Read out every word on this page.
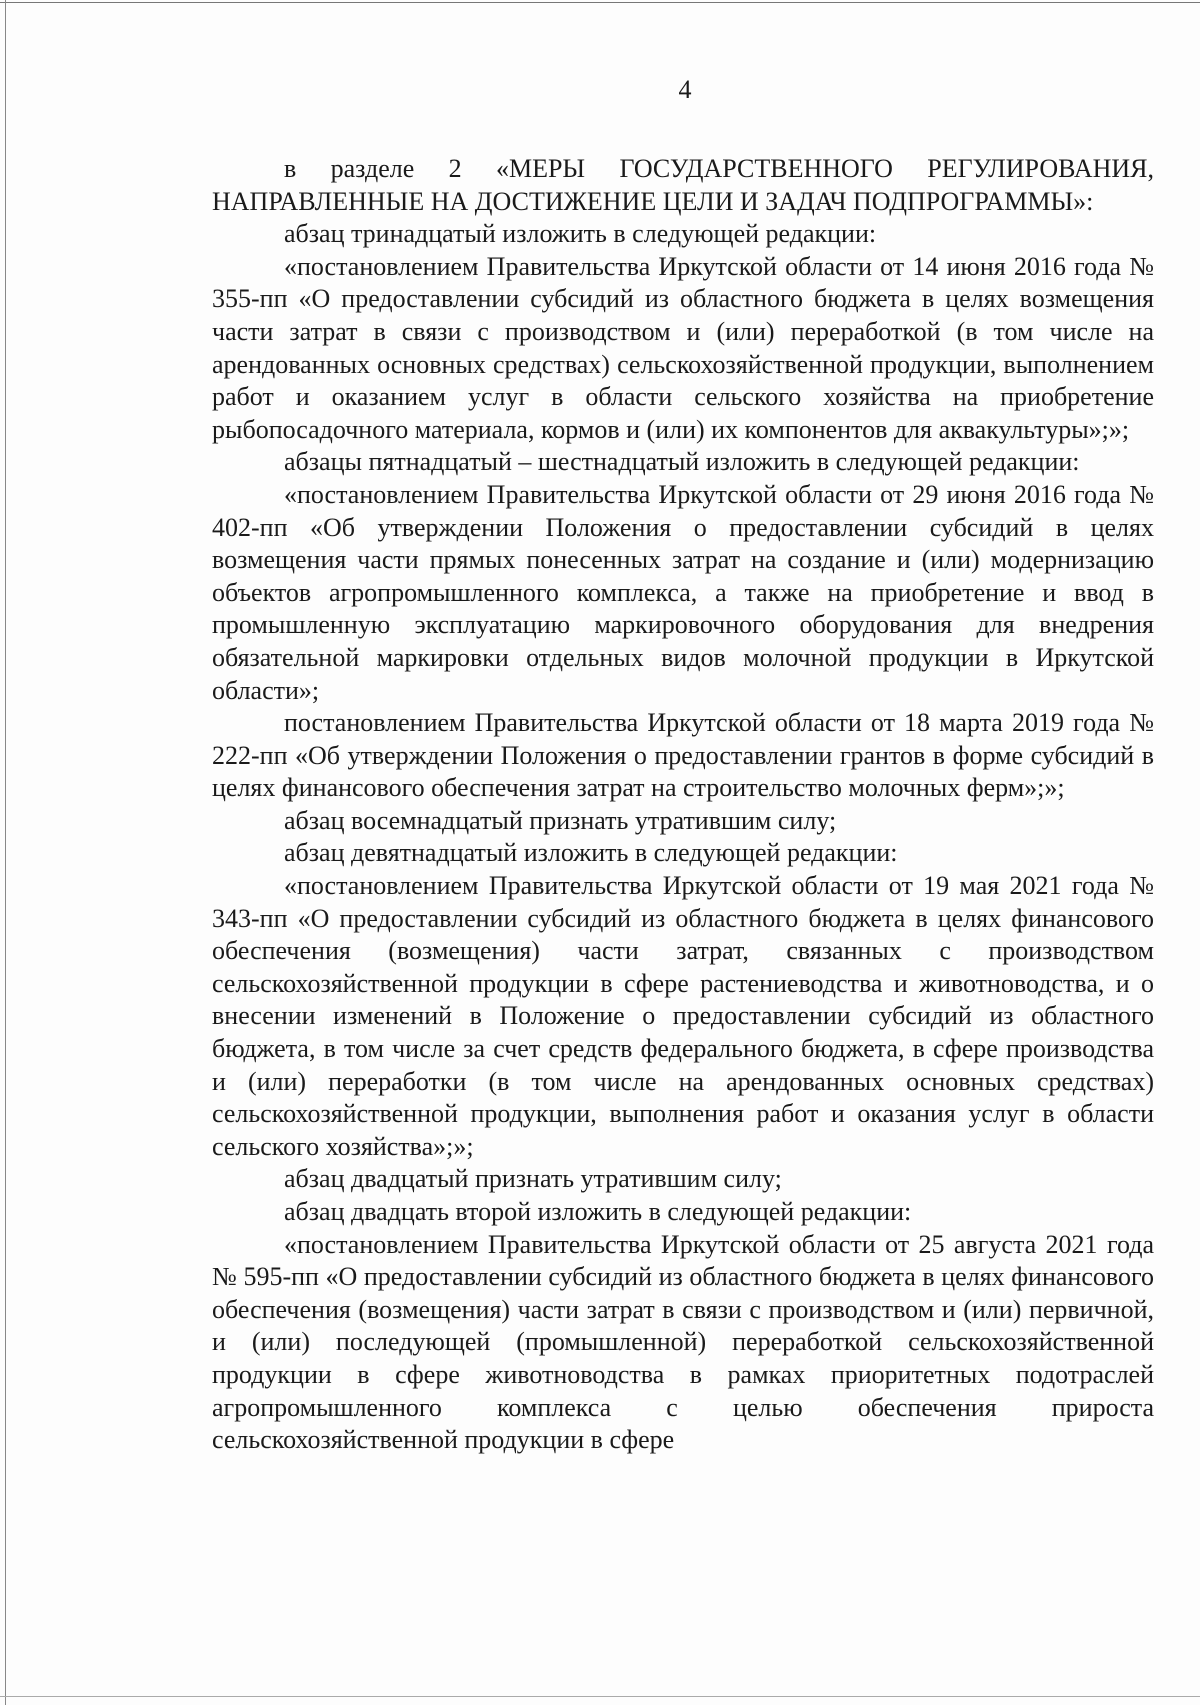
4

в разделе 2 «МЕРЫ ГОСУДАРСТВЕННОГО РЕГУЛИРОВАНИЯ, НАПРАВЛЕННЫЕ НА ДОСТИЖЕНИЕ ЦЕЛИ И ЗАДАЧ ПОДПРОГРАММЫ»:

абзац тринадцатый изложить в следующей редакции:

«постановлением Правительства Иркутской области от 14 июня 2016 года № 355-пп «О предоставлении субсидий из областного бюджета в целях возмещения части затрат в связи с производством и (или) переработкой (в том числе на арендованных основных средствах) сельскохозяйственной продукции, выполнением работ и оказанием услуг в области сельского хозяйства на приобретение рыбопосадочного материала, кормов и (или) их компонентов для аквакультуры»;»;

абзацы пятнадцатый – шестнадцатый изложить в следующей редакции:

«постановлением Правительства Иркутской области от 29 июня 2016 года № 402-пп «Об утверждении Положения о предоставлении субсидий в целях возмещения части прямых понесенных затрат на создание и (или) модернизацию объектов агропромышленного комплекса, а также на приобретение и ввод в промышленную эксплуатацию маркировочного оборудования для внедрения обязательной маркировки отдельных видов молочной продукции в Иркутской области»;

постановлением Правительства Иркутской области от 18 марта 2019 года № 222-пп «Об утверждении Положения о предоставлении грантов в форме субсидий в целях финансового обеспечения затрат на строительство молочных ферм»;»;

абзац восемнадцатый признать утратившим силу;

абзац девятнадцатый изложить в следующей редакции:

«постановлением Правительства Иркутской области от 19 мая 2021 года № 343-пп «О предоставлении субсидий из областного бюджета в целях финансового обеспечения (возмещения) части затрат, связанных с производством сельскохозяйственной продукции в сфере растениеводства и животноводства, и о внесении изменений в Положение о предоставлении субсидий из областного бюджета, в том числе за счет средств федерального бюджета, в сфере производства и (или) переработки (в том числе на арендованных основных средствах) сельскохозяйственной продукции, выполнения работ и оказания услуг в области сельского хозяйства»;»;

абзац двадцатый признать утратившим силу;

абзац двадцать второй изложить в следующей редакции:

«постановлением Правительства Иркутской области от 25 августа 2021 года № 595-пп «О предоставлении субсидий из областного бюджета в целях финансового обеспечения (возмещения) части затрат в связи с производством и (или) первичной, и (или) последующей (промышленной) переработкой сельскохозяйственной продукции в сфере животноводства в рамках приоритетных подотраслей агропромышленного комплекса с целью обеспечения прироста сельскохозяйственной продукции в сфере
